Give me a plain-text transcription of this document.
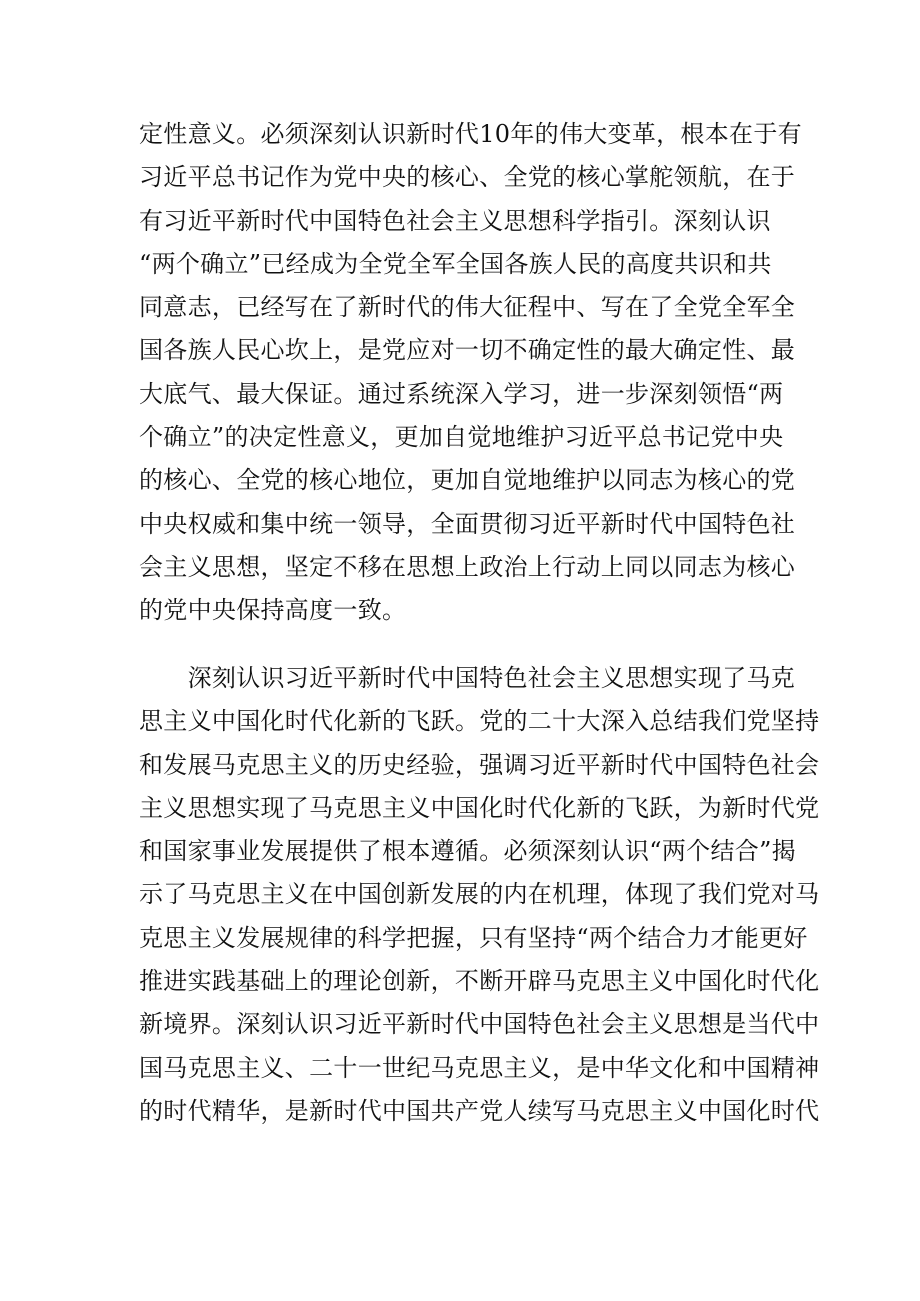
定性意义。必须深刻认识新时代10年的伟大变革，根本在于有
习近平总书记作为党中央的核心、全党的核心掌舵领航，在于
有习近平新时代中国特色社会主义思想科学指引。深刻认识
“两个确立”已经成为全党全军全国各族人民的高度共识和共
同意志，已经写在了新时代的伟大征程中、写在了全党全军全
国各族人民心坎上，是党应对一切不确定性的最大确定性、最
大底气、最大保证。通过系统深入学习，进一步深刻领悟“两
个确立”的决定性意义，更加自觉地维护习近平总书记党中央
的核心、全党的核心地位，更加自觉地维护以同志为核心的党
中央权威和集中统一领导，全面贯彻习近平新时代中国特色社
会主义思想，坚定不移在思想上政治上行动上同以同志为核心
的党中央保持高度一致。
　　深刻认识习近平新时代中国特色社会主义思想实现了马克
思主义中国化时代化新的飞跃。党的二十大深入总结我们党坚持
和发展马克思主义的历史经验，强调习近平新时代中国特色社会
主义思想实现了马克思主义中国化时代化新的飞跃，为新时代党
和国家事业发展提供了根本遵循。必须深刻认识“两个结合”揭
示了马克思主义在中国创新发展的内在机理，体现了我们党对马
克思主义发展规律的科学把握，只有坚持“两个结合力才能更好
推进实践基础上的理论创新，不断开辟马克思主义中国化时代化
新境界。深刻认识习近平新时代中国特色社会主义思想是当代中
国马克思主义、二十一世纪马克思主义，是中华文化和中国精神
的时代精华，是新时代中国共产党人续写马克思主义中国化时代
